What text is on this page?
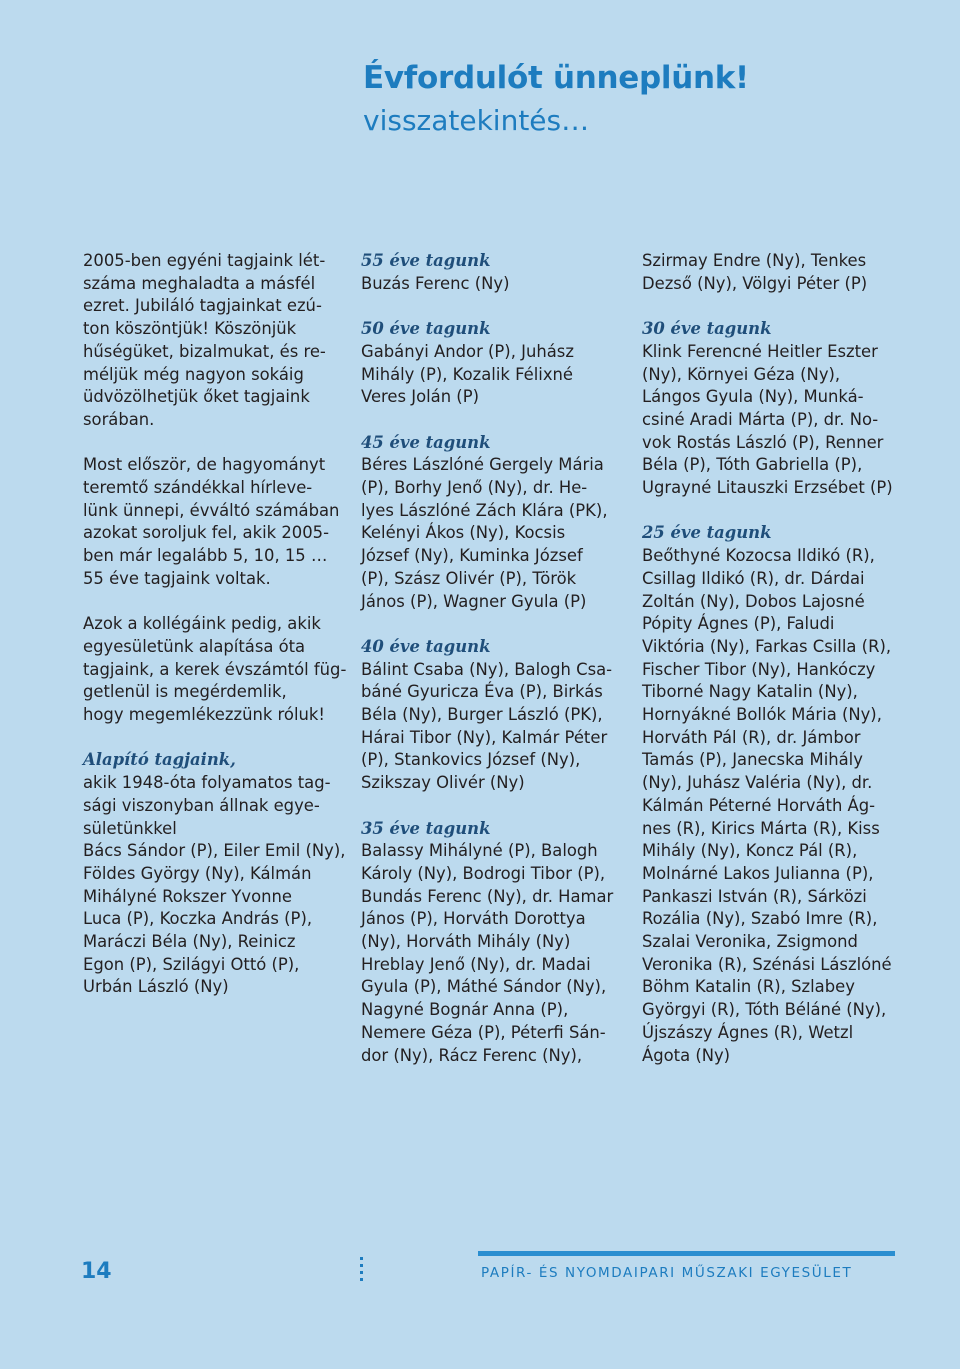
Évfordulót ünneplünk!
visszatekintés…
2005-ben egyéni tagjaink lét-
száma meghaladta a másfél
ezret. Jubiláló tagjainkat ezú-
ton köszöntjük! Köszönjük
hűségüket, bizalmukat, és re-
méljük még nagyon sokáig
üdvözölhetjük őket tagjaink
sorában.
Most először, de hagyományt
teremtő szándékkal hírleve-
lünk ünnepi, évváltó számában
azokat soroljuk fel, akik 2005-
ben már legalább 5, 10, 15 …
55 éve tagjaink voltak.
Azok a kollégáink pedig, akik
egyesületünk alapítása óta
tagjaink, a kerek évszámtól füg-
getlenül is megérdemlik,
hogy megemlékezzünk róluk!
Alapító tagjaink,
akik 1948-óta folyamatos tag-
sági viszonyban állnak egye-
sületünkkel
Bács Sándor (P), Eiler Emil (Ny),
Földes György (Ny), Kálmán
Mihályné Rokszer Yvonne
Luca (P), Koczka András (P),
Maráczi Béla (Ny), Reinicz
Egon (P), Szilágyi Ottó (P),
Urbán László (Ny)
55 éve tagunk
Buzás Ferenc (Ny)
50 éve tagunk
Gabányi Andor (P), Juhász
Mihály (P), Kozalik Félixné
Veres Jolán (P)
45 éve tagunk
Béres Lászlóné Gergely Mária
(P), Borhy Jenő (Ny), dr. He-
lyes Lászlóné Zách Klára (PK),
Kelényi Ákos (Ny), Kocsis
József (Ny), Kuminka József
(P), Szász Olivér (P), Török
János (P), Wagner Gyula (P)
40 éve tagunk
Bálint Csaba (Ny), Balogh Csa-
báné Gyuricza Éva (P), Birkás
Béla (Ny), Burger László (PK),
Hárai Tibor (Ny), Kalmár Péter
(P), Stankovics József (Ny),
Szikszay Olivér (Ny)
35 éve tagunk
Balassy Mihályné (P), Balogh
Károly (Ny), Bodrogi Tibor (P),
Bundás Ferenc (Ny), dr. Hamar
János (P), Horváth Dorottya
(Ny), Horváth Mihály (Ny)
Hreblay Jenő (Ny), dr. Madai
Gyula (P), Máthé Sándor (Ny),
Nagyné Bognár Anna (P),
Nemere Géza (P), Péterfi Sán-
dor (Ny), Rácz Ferenc (Ny),
Szirmay Endre (Ny), Tenkes
Dezső (Ny), Völgyi Péter (P)
30 éve tagunk
Klink Ferencné Heitler Eszter
(Ny), Környei Géza (Ny),
Lángos Gyula (Ny), Munká-
csiné Aradi Márta (P), dr. No-
vok Rostás László (P), Renner
Béla (P), Tóth Gabriella (P),
Ugrayné Litauszki Erzsébet (P)
25 éve tagunk
Beőthyné Kozocsa Ildikó (R),
Csillag Ildikó (R), dr. Dárdai
Zoltán (Ny), Dobos Lajosné
Pópity Ágnes (P), Faludi
Viktória (Ny), Farkas Csilla (R),
Fischer Tibor (Ny), Hankóczy
Tiborné Nagy Katalin (Ny),
Hornyákné Bollók Mária (Ny),
Horváth Pál (R), dr. Jámbor
Tamás (P), Janecska Mihály
(Ny), Juhász Valéria (Ny), dr.
Kálmán Péterné Horváth Ág-
nes (R), Kirics Márta (R), Kiss
Mihály (Ny), Koncz Pál (R),
Molnárné Lakos Julianna (P),
Pankaszi István (R), Sárközi
Rozália (Ny), Szabó Imre (R),
Szalai Veronika, Zsigmond
Veronika (R), Szénási Lászlóné
Böhm Katalin (R), Szlabey
Györgyi (R), Tóth Béláné (Ny),
Újszászy Ágnes (R), Wetzl
Ágota (Ny)
14	PAPÍR- ÉS NYOMDAIPARI MŰSZAKI EGYESÜLET
